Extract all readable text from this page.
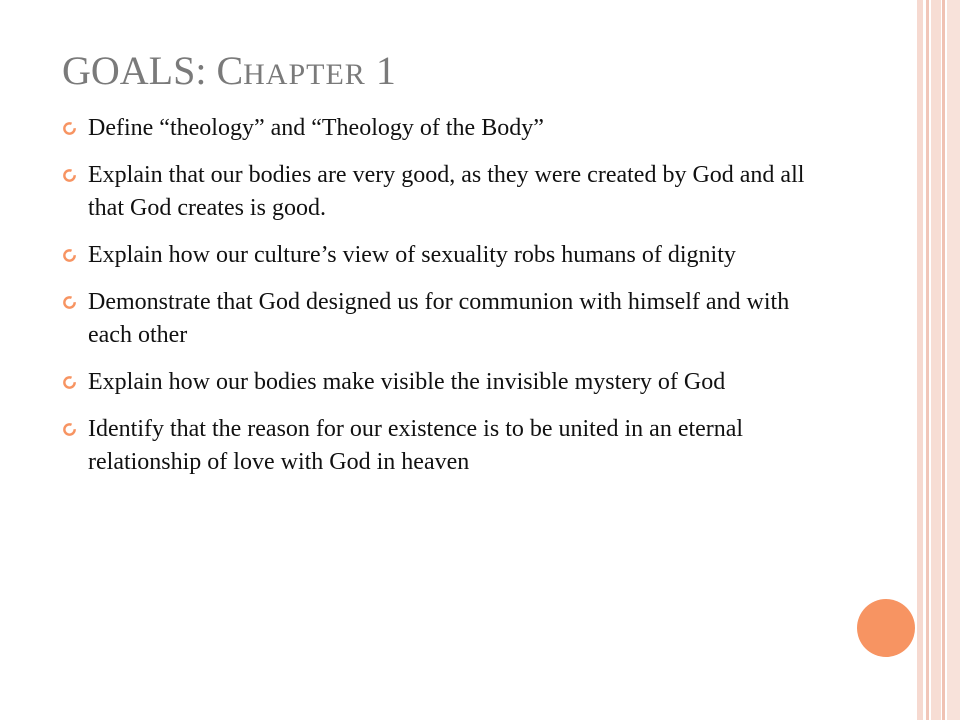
GOALS: CHAPTER 1
Define “theology” and “Theology of the Body”
Explain that our bodies are very good, as they were created by God and all that God creates is good.
Explain how our culture’s view of sexuality robs humans of dignity
Demonstrate that God designed us for communion with himself and with each other
Explain how our bodies make visible the invisible mystery of God
Identify that the reason for our existence is to be united in an eternal relationship of love with God in heaven
